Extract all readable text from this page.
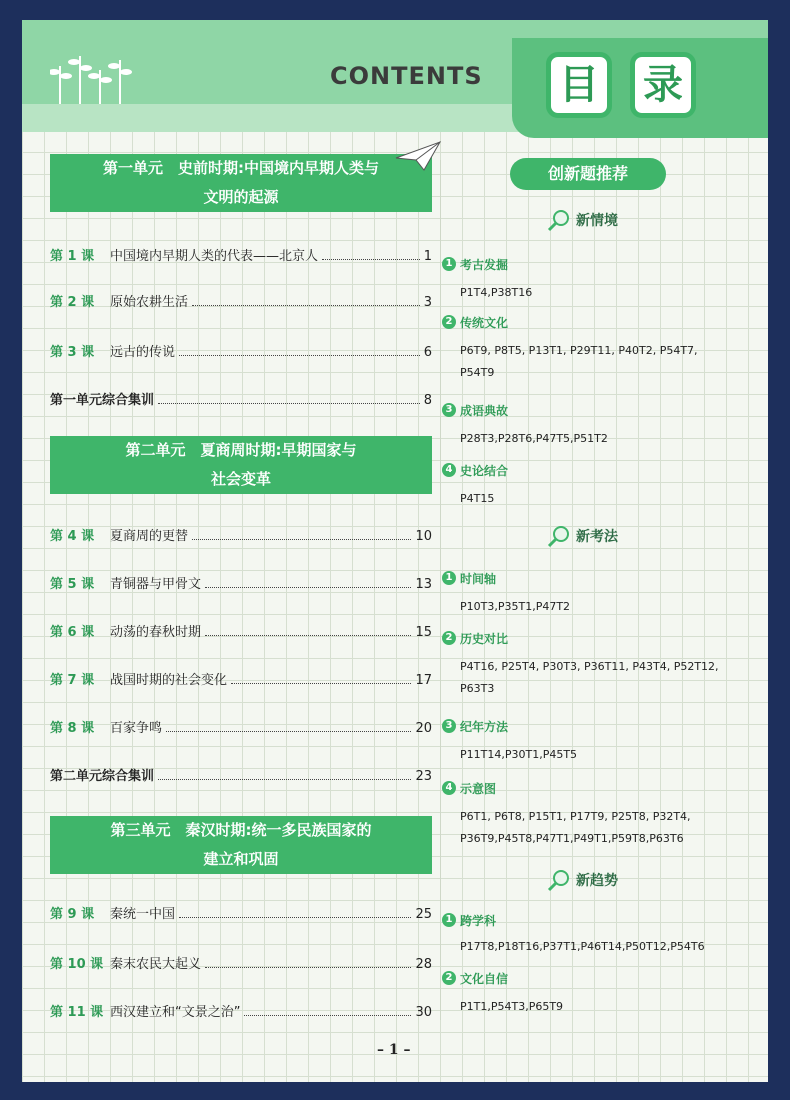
CONTENTS	目	录
第一单元　史前时期:中国境内早期人类与
文明的起源
第 1 课	中国境内早期人类的代表——北京人	1
第 2 课	原始农耕生活	3
第 3 课	远古的传说	6
第一单元综合集训	8
第二单元　夏商周时期:早期国家与
社会变革
第 4 课	夏商周的更替	10
第 5 课	青铜器与甲骨文	13
第 6 课	动荡的春秋时期	15
第 7 课	战国时期的社会变化	17
第 8 课	百家争鸣	20
第二单元综合集训	23
第三单元　秦汉时期:统一多民族国家的
建立和巩固
第 9 课	秦统一中国	25
第 10 课 秦末农民大起义	28
第 11 课 西汉建立和“文景之治”	30
创新题推荐
新情境
1 考古发掘
P1T4,P38T16
2 传统文化
P6T9, P8T5, P13T1, P29T11, P40T2, P54T7,
P54T9
3 成语典故
P28T3,P28T6,P47T5,P51T2
4 史论结合
P4T15
新考法
1 时间轴
P10T3,P35T1,P47T2
2 历史对比
P4T16, P25T4, P30T3, P36T11, P43T4, P52T12,
P63T3
3 纪年方法
P11T14,P30T1,P45T5
4 示意图
P6T1, P6T8, P15T1, P17T9, P25T8, P32T4,
P36T9,P45T8,P47T1,P49T1,P59T8,P63T6
新趋势
1 跨学科
P17T8,P18T16,P37T1,P46T14,P50T12,P54T6
2 文化自信
P1T1,P54T3,P65T9
– 1 –
